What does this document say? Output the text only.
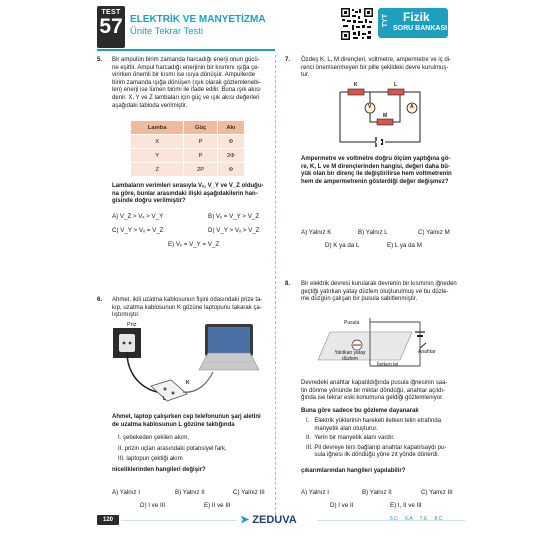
TEST
57 ELEKTRİK VE MANYETİZMA
Ünite Tekrar Testi
TYT Fizik
SORU BANKASI
5. Bir ampulün birim zamanda harcadığı enerji onun gücü-
ne eşittir. Ampul harcadığı enerjinin bir kısmını ışığa çe-
virirken önemli bir kısmı ise ısıya dönüşür. Ampullerde
birim zamanda ışığa dönüşen (ışık olarak gözlemlenebi-
len) enerji ise lümen birimi ile ifade edilir. Buna ışık akısı
denir. X, Y ve Z lambaları için güç ve ışık akısı değerleri
aşağıdaki tabloda verilmiştir.
Lamba	Güç	Akı
X	P	Φ
Y	P	2Φ
Z	2P	Φ
Lambaların verimleri sırasıyla Vₓ, V_Y ve V_Z olduğu-
na göre, bunlar arasındaki ilişki aşağıdakilerin han-
gisinde doğru verilmiştir?
A) V_Z > Vₓ > V_Y	B) Vₓ = V_Y > V_Z
C) V_Y > Vₓ = V_Z	D) V_Y > Vₓ > V_Z
E) Vₓ = V_Y = V_Z
6. Ahmet, ikili uzatma kablosunun fişini odasındaki prize ta-
kıp, uzatma kablosunun K gözüne laptopunu takarak ça-
lıştırmıştır.
Priz
K
L
Ahmet, laptop çalışırken cep telefonunun şarj aletini
de uzatma kablosunun L gözüne taktığında
I. şebekeden çekilen akım,
II. prizin uçları arasındaki potansiyel fark,
III. laptopun çektiği akım
niceliklerinden hangileri değişir?
A) Yalnız I	B) Yalnız II	C) Yalnız III
D) I ve III	E) II ve III
7. Özdeş K, L, M dirençleri, voltmetre, ampermetre ve iç di-
renci önemsenmeyen bir pille şekildeki devre kurulmuş-
tur.
K	L
M
V	A
Ampermetre ve voltmetre doğru ölçüm yaptığına gö-
re, K, L ve M dirençlerinden hangisi, değeri daha bü-
yük olan bir direnç ile değiştirilirse hem voltmetrenin
hem de ampermetrenin gösterdiği değer değişmez?
A) Yalnız K	B) Yalnız L	C) Yalnız M
D) K ya da L	E) L ya da M
8. Bir elektrik devresi kurularak devrenin bir kısmının iğneden
geçtiği yatırkan yatay düzlem oluşturulmuş ve bu düzle-
me düzgün çalışan bir pusula sabitlenmiştir.
Pusula
Yalıtkan yatay düzlem
Anahtar
İletken tel
Devredeki anahtar kapatıldığında pusula iğnesinin saa-
tin dönme yönünde bir miktar döndüğü, anahtar açıldı-
ğında ise tekrar eski konumuna geldiği gözlemleniyor.
Buna göre sadece bu gözleme dayanarak
I.   Elektrik yüklerinin hareketi iletken telin etrafında
manyetik alan oluşturur.
II.  Yerin bir manyetik alanı vardır.
III. Pil devreye ters bağlanıp anahtar kapatılsaydı pu-
sula iğnesi ilk döndüğü yöne zıt yönde dönerdi.
çıkarımlarından hangileri yapılabilir?
A) Yalnız I	B) Yalnız II	C) Yalnız III
D) I ve II	E) I, II ve III
120	➤ ZEDUVA	5.D 6.A 7.E 8.C
